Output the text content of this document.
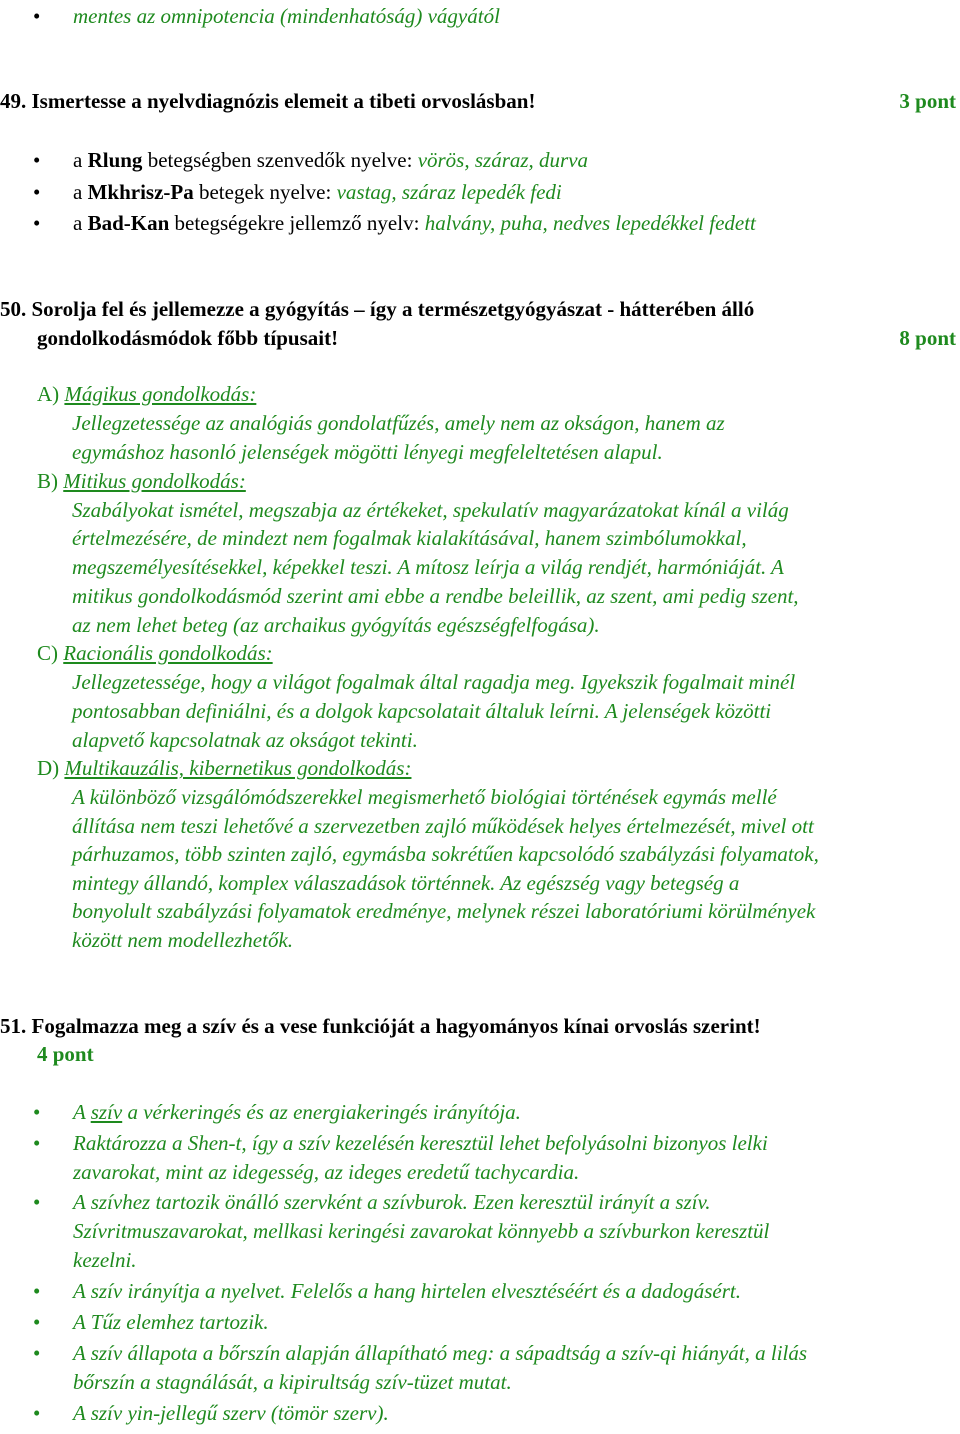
• mentes az omnipotencia (mindenhatóság) vágyától
49. Ismertesse a nyelvdiagnózis elemeit a tibeti orvoslásban!	3 pont
• a Rlung betegségben szenvedők nyelve: vörös, száraz, durva
• a Mkhrisz-Pa betegek nyelve: vastag, száraz lepedék fedi
• a Bad-Kan betegségekre jellemző nyelv: halvány, puha, nedves lepedékkel fedett
50. Sorolja fel és jellemezze a gyógyítás – így a természetgyógyászat - hátterében álló
gondolkodásmódok főbb típusait!	8 pont
A) Mágikus gondolkodás:
Jellegzetessége az analógiás gondolatfűzés, amely nem az okságon, hanem az
egymáshoz hasonló jelenségek mögötti lényegi megfeleltetésen alapul.
B) Mitikus gondolkodás:
Szabályokat ismétel, megszabja az értékeket, spekulatív magyarázatokat kínál a világ
értelmezésére, de mindezt nem fogalmak kialakításával, hanem szimbólumokkal,
megszemélyesítésekkel, képekkel teszi. A mítosz leírja a világ rendjét, harmóniáját. A
mitikus gondolkodásmód szerint ami ebbe a rendbe beleillik, az szent, ami pedig szent,
az nem lehet beteg (az archaikus gyógyítás egészségfelfogása).
C) Racionális gondolkodás:
Jellegzetessége, hogy a világot fogalmak által ragadja meg. Igyekszik fogalmait minél
pontosabban definiálni, és a dolgok kapcsolatait általuk leírni. A jelenségek közötti
alapvető kapcsolatnak az okságot tekinti.
D) Multikauzális, kibernetikus gondolkodás:
A különböző vizsgálómódszerekkel megismerhető biológiai történések egymás mellé
állítása nem teszi lehetővé a szervezetben zajló működések helyes értelmezését, mivel ott
párhuzamos, több szinten zajló, egymásba sokrétűen kapcsolódó szabályzási folyamatok,
mintegy állandó, komplex válaszadások történnek. Az egészség vagy betegség a
bonyolult szabályzási folyamatok eredménye, melynek részei laboratóriumi körülmények
között nem modellezhetők.
51. Fogalmazza meg a szív és a vese funkcióját a hagyományos kínai orvoslás szerint!
4 pont
• A szív a vérkeringés és az energiakeringés irányítója.
• Raktározza a Shen-t, így a szív kezelésén keresztül lehet befolyásolni bizonyos lelki
zavarokat, mint az idegesség, az ideges eredetű tachycardia.
• A szívhez tartozik önálló szervként a szívburok. Ezen keresztül irányít a szív.
Szívritmuszavarokat, mellkasi keringési zavarokat könnyebb a szívburkon keresztül
kezelni.
• A szív irányítja a nyelvet. Felelős a hang hirtelen elvesztéséért és a dadogásért.
• A Tűz elemhez tartozik.
• A szív állapota a bőrszín alapján állapítható meg: a sápadtság a szív-qi hiányát, a lilás
bőrszín a stagnálását, a kipirultság szív-tüzet mutat.
• A szív yin-jellegű szerv (tömör szerv).
